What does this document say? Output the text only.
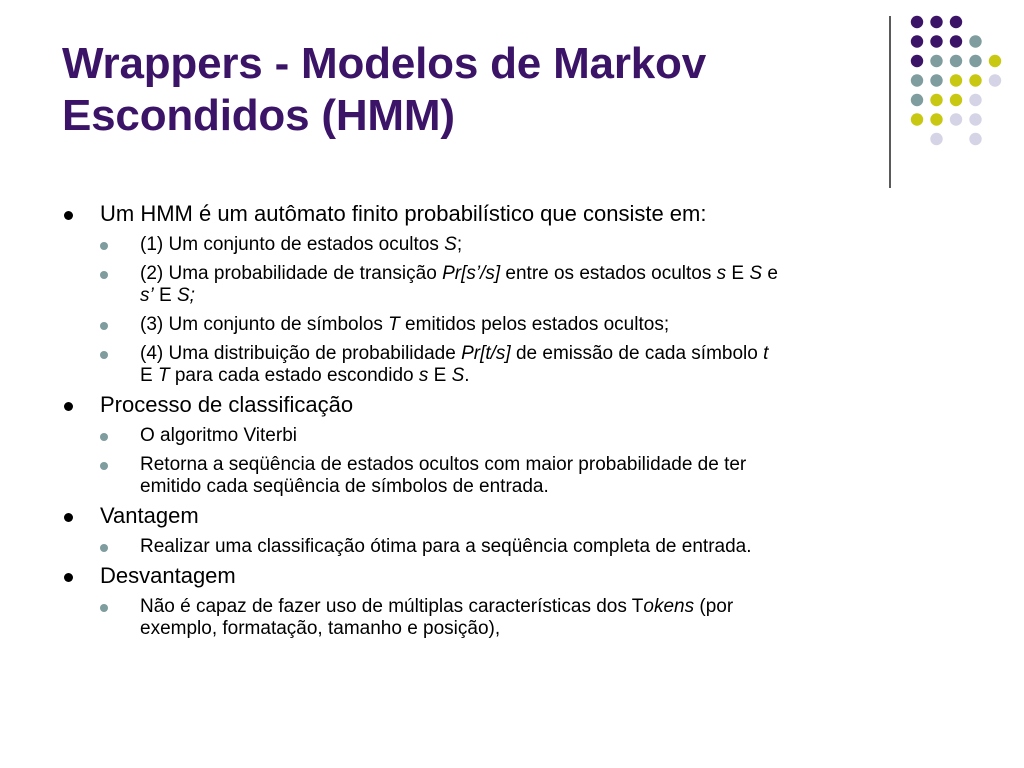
Wrappers - Modelos de Markov
Escondidos (HMM)
Um HMM é um autômato finito probabilístico que consiste em:
(1) Um conjunto de estados ocultos S;
(2) Uma probabilidade de transição Pr[s’/s] entre os estados ocultos s E S e
s’ E S;
(3) Um conjunto de símbolos T emitidos pelos estados ocultos;
(4) Uma distribuição de probabilidade Pr[t/s] de emissão de cada símbolo t
E T para cada estado escondido s E S.
Processo de classificação
O algoritmo Viterbi
Retorna a seqüência de estados ocultos com maior probabilidade de ter
emitido cada seqüência de símbolos de entrada.
Vantagem
Realizar uma classificação ótima para a seqüência completa de entrada.
Desvantagem
Não é capaz de fazer uso de múltiplas características dos Tokens (por
exemplo, formatação, tamanho e posição),
